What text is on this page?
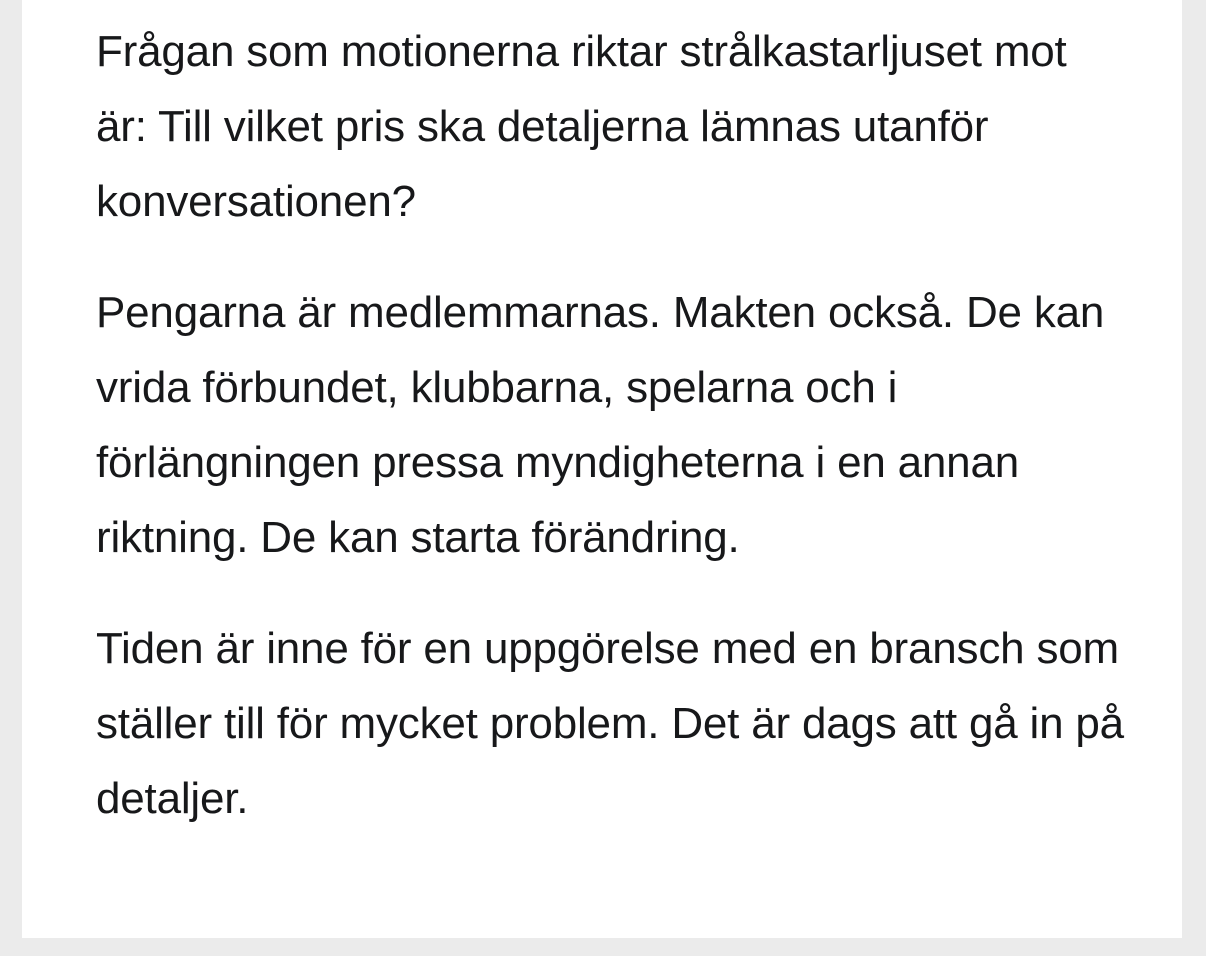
Frågan som motionerna riktar strålkastarljuset mot är: Till vilket pris ska detaljerna lämnas utanför konversationen?

Pengarna är medlemmarnas. Makten också. De kan vrida förbundet, klubbarna, spelarna och i förlängningen pressa myndigheterna i en annan riktning. De kan starta förändring.

Tiden är inne för en uppgörelse med en bransch som ställer till för mycket problem. Det är dags att gå in på detaljer.
